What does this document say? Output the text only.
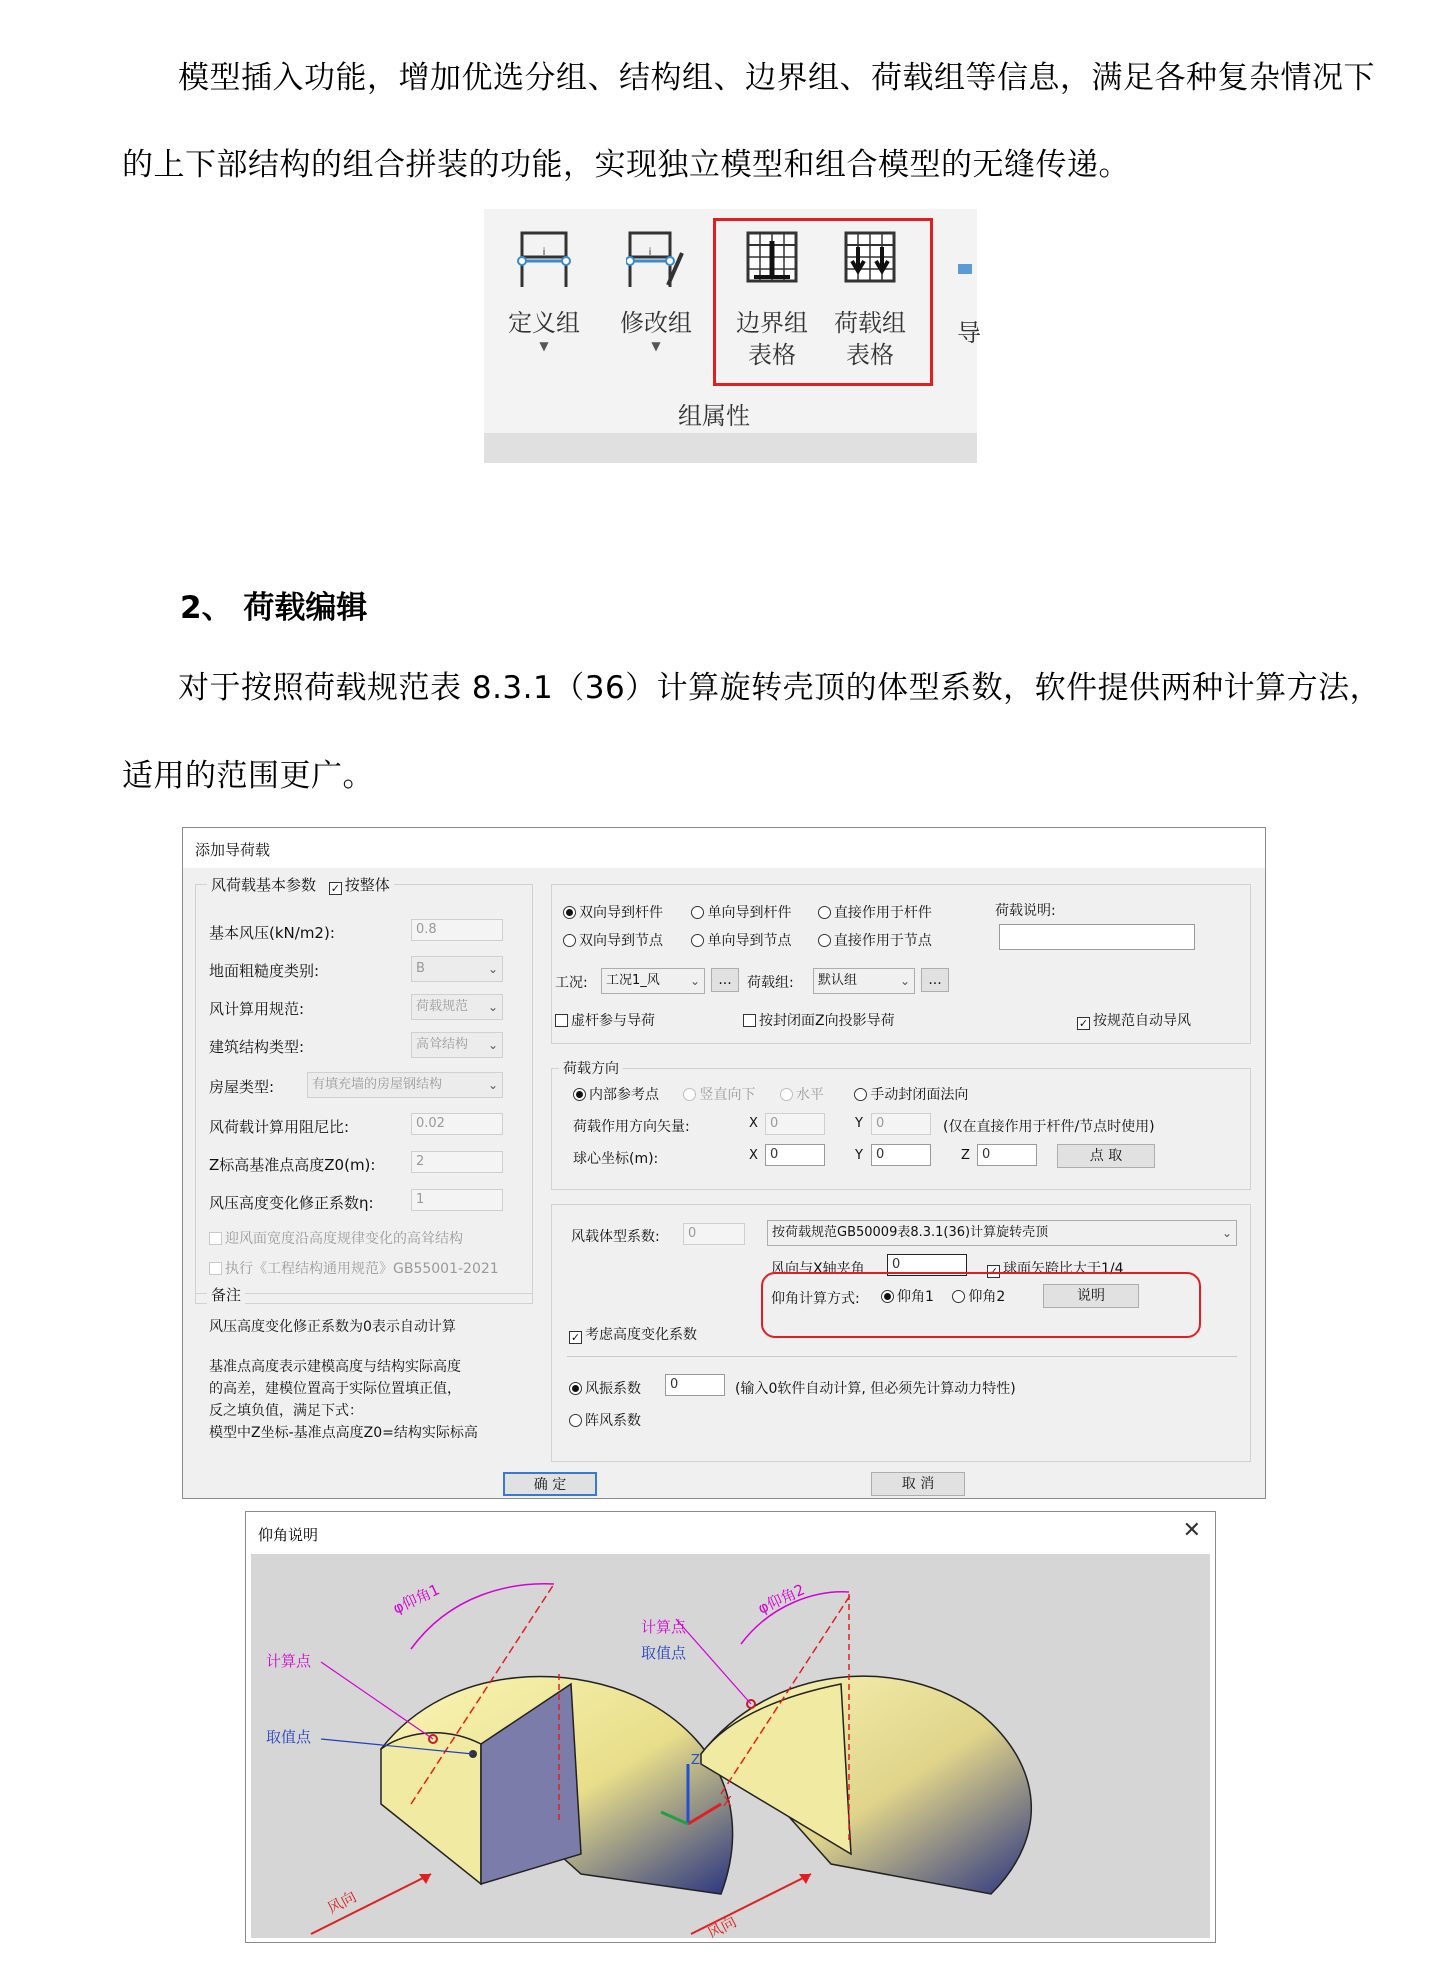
模型插入功能，增加优选分组、结构组、边界组、荷载组等信息，满足各种复杂情况下
的上下部结构的组合拼装的功能，实现独立模型和组合模型的无缝传递。
i
定义组
▼
i
修改组
▼
边界组
表格
荷载组
表格
导
组属性
2、 荷载编辑
对于按照荷载规范表 8.3.1（36）计算旋转壳顶的体型系数，软件提供两种计算方法，
适用的范围更广。
添加导荷载
风荷载基本参数 ✓ 按整体
基本风压(kN/m2):	0.8
地面粗糙度类别:	B	⌄
风计算用规范:	荷载规范 ⌄
建筑结构类型:	高耸结构 ⌄
房屋类型:	有填充墙的房屋钢结构	⌄
风荷载计算用阻尼比:	0.02
Z标高基准点高度Z0(m):	2
风压高度变化修正系数η:	1
迎风面宽度沿高度规律变化的高耸结构
执行《工程结构通用规范》GB55001-2021
备注
风压高度变化修正系数为0表示自动计算
基准点高度表示建模高度与结构实际高度
的高差，建模位置高于实际位置填正值，
反之填负值，满足下式：
模型中Z坐标-基准点高度Z0=结构实际标高
双向导到杆件	单向导到杆件	直接作用于杆件
双向导到节点	单向导到节点	直接作用于节点
荷载说明:
工况:	工况1_风	⌄	...	荷载组:	默认组	⌄	...
虚杆参与导荷	按封闭面Z向投影导荷	✓ 按规范自动导风
荷载方向
内部参考点	竖直向下	水平	手动封闭面法向
荷载作用方向矢量:	X 0	Y	0	(仅在直接作用于杆件/节点时使用)
球心坐标(m):	X 0	Y	0	Z 0	点 取
风载体型系数:	0	按荷载规范GB50009表8.3.1(36)计算旋转壳顶	⌄
风向与X轴夹角	0	✓ 球面矢跨比大于1/4
仰角计算方式:	仰角1 仰角2	说明
✓ 考虑高度变化系数
风振系数	0	(输入0软件自动计算, 但必须先计算动力特性)
阵风系数
确 定	取 消
仰角说明	✕
φ仰角1
计算点
取值点
风向
Z
X
φ仰角2
计算点
取值点
风向
